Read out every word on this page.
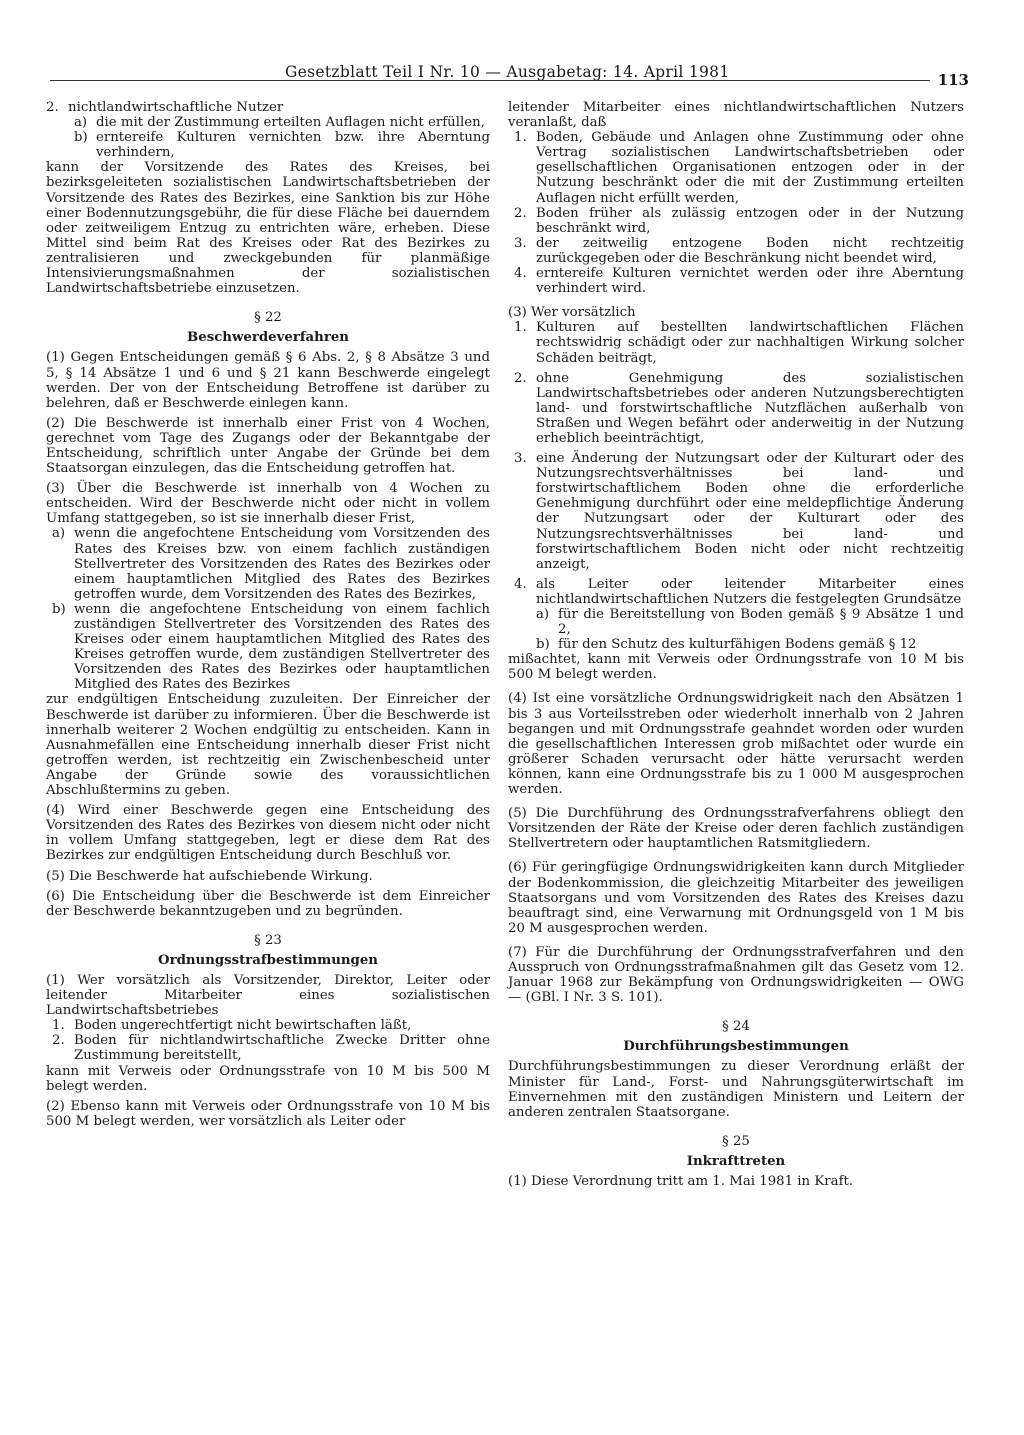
Gesetzblatt Teil I Nr. 10 — Ausgabetag: 14. April 1981	113
2. nichtlandwirtschaftliche Nutzer
a) die mit der Zustimmung erteilten Auflagen nicht erfüllen,
b) erntereife Kulturen vernichten bzw. ihre Aberntung verhindern,

kann der Vorsitzende des Rates des Kreises, bei bezirksgeleiteten sozialistischen Landwirtschaftsbetrieben der Vorsitzende des Rates des Bezirkes, eine Sanktion bis zur Höhe einer Bodennutzungsgebühr, die für diese Fläche bei dauerndem oder zeitweiligem Entzug zu entrichten wäre, erheben. Diese Mittel sind beim Rat des Kreises oder Rat des Bezirkes zu zentralisieren und zweckgebunden für planmäßige Intensivierungsmaßnahmen der sozialistischen Landwirtschaftsbetriebe einzusetzen.

§ 22
Beschwerdeverfahren

(1) Gegen Entscheidungen gemäß § 6 Abs. 2, § 8 Absätze 3 und 5, § 14 Absätze 1 und 6 und § 21 kann Beschwerde eingelegt werden. Der von der Entscheidung Betroffene ist darüber zu belehren, daß er Beschwerde einlegen kann.

(2) Die Beschwerde ist innerhalb einer Frist von 4 Wochen, gerechnet vom Tage des Zugangs oder der Bekanntgabe der Entscheidung, schriftlich unter Angabe der Gründe bei dem Staatsorgan einzulegen, das die Entscheidung getroffen hat.

(3) Über die Beschwerde ist innerhalb von 4 Wochen zu entscheiden. Wird der Beschwerde nicht oder nicht in vollem Umfang stattgegeben, so ist sie innerhalb dieser Frist,

a) wenn die angefochtene Entscheidung vom Vorsitzenden des Rates des Kreises bzw. von einem fachlich zuständigen Stellvertreter des Vorsitzenden des Rates des Bezirkes oder einem hauptamtlichen Mitglied des Rates des Bezirkes getroffen wurde, dem Vorsitzenden des Rates des Bezirkes,
b) wenn die angefochtene Entscheidung von einem fachlich zuständigen Stellvertreter des Vorsitzenden des Rates des Kreises oder einem hauptamtlichen Mitglied des Rates des Kreises getroffen wurde, dem zuständigen Stellvertreter des Vorsitzenden des Rates des Bezirkes oder hauptamtlichen Mitglied des Rates des Bezirkes

zur endgültigen Entscheidung zuzuleiten. Der Einreicher der Beschwerde ist darüber zu informieren. Über die Beschwerde ist innerhalb weiterer 2 Wochen endgültig zu entscheiden. Kann in Ausnahmefällen eine Entscheidung innerhalb dieser Frist nicht getroffen werden, ist rechtzeitig ein Zwischenbescheid unter Angabe der Gründe sowie des voraussichtlichen Abschlußtermins zu geben.

(4) Wird einer Beschwerde gegen eine Entscheidung des Vorsitzenden des Rates des Bezirkes von diesem nicht oder nicht in vollem Umfang stattgegeben, legt er diese dem Rat des Bezirkes zur endgültigen Entscheidung durch Beschluß vor.

(5) Die Beschwerde hat aufschiebende Wirkung.

(6) Die Entscheidung über die Beschwerde ist dem Einreicher der Beschwerde bekanntzugeben und zu begründen.

§ 23
Ordnungsstrafbestimmungen

(1) Wer vorsätzlich als Vorsitzender, Direktor, Leiter oder leitender Mitarbeiter eines sozialistischen Landwirtschaftsbetriebes

1. Boden ungerechtfertigt nicht bewirtschaften läßt,
2. Boden für nichtlandwirtschaftliche Zwecke Dritter ohne Zustimmung bereitstellt,

kann mit Verweis oder Ordnungsstrafe von 10 M bis 500 M belegt werden.

(2) Ebenso kann mit Verweis oder Ordnungsstrafe von 10 M bis 500 M belegt werden, wer vorsätzlich als Leiter oder

leitender Mitarbeiter eines nichtlandwirtschaftlichen Nutzers veranlaßt, daß

1. Boden, Gebäude und Anlagen ohne Zustimmung oder ohne Vertrag sozialistischen Landwirtschaftsbetrieben oder gesellschaftlichen Organisationen entzogen oder in der Nutzung beschränkt oder die mit der Zustimmung erteilten Auflagen nicht erfüllt werden,
2. Boden früher als zulässig entzogen oder in der Nutzung beschränkt wird,
3. der zeitweilig entzogene Boden nicht rechtzeitig zurückgegeben oder die Beschränkung nicht beendet wird,
4. erntereife Kulturen vernichtet werden oder ihre Aberntung verhindert wird.

(3) Wer vorsätzlich

1. Kulturen auf bestellten landwirtschaftlichen Flächen rechtswidrig schädigt oder zur nachhaltigen Wirkung solcher Schäden beiträgt,
2. ohne Genehmigung des sozialistischen Landwirtschaftsbetriebes oder anderen Nutzungsberechtigten land- und forstwirtschaftliche Nutzflächen außerhalb von Straßen und Wegen befährt oder anderweitig in der Nutzung erheblich beeinträchtigt,
3. eine Änderung der Nutzungsart oder der Kulturart oder des Nutzungsrechtsverhältnisses bei land- und forstwirtschaftlichem Boden ohne die erforderliche Genehmigung durchführt oder eine meldepflichtige Änderung der Nutzungsart oder der Kulturart oder des Nutzungsrechtsverhältnisses bei land- und forstwirtschaftlichem Boden nicht oder nicht rechtzeitig anzeigt,
4. als Leiter oder leitender Mitarbeiter eines nichtlandwirtschaftlichen Nutzers die festgelegten Grundsätze
a) für die Bereitstellung von Boden gemäß § 9 Absätze 1 und 2,
b) für den Schutz des kulturfähigen Bodens gemäß § 12

mißachtet, kann mit Verweis oder Ordnungsstrafe von 10 M bis 500 M belegt werden.

(4) Ist eine vorsätzliche Ordnungswidrigkeit nach den Absätzen 1 bis 3 aus Vorteilsstreben oder wiederholt innerhalb von 2 Jahren begangen und mit Ordnungsstrafe geahndet worden oder wurden die gesellschaftlichen Interessen grob mißachtet oder wurde ein größerer Schaden verursacht oder hätte verursacht werden können, kann eine Ordnungsstrafe bis zu 1 000 M ausgesprochen werden.

(5) Die Durchführung des Ordnungsstrafverfahrens obliegt den Vorsitzenden der Räte der Kreise oder deren fachlich zuständigen Stellvertretern oder hauptamtlichen Ratsmitgliedern.

(6) Für geringfügige Ordnungswidrigkeiten kann durch Mitglieder der Bodenkommission, die gleichzeitig Mitarbeiter des jeweiligen Staatsorgans und vom Vorsitzenden des Rates des Kreises dazu beauftragt sind, eine Verwarnung mit Ordnungsgeld von 1 M bis 20 M ausgesprochen werden.

(7) Für die Durchführung der Ordnungsstrafverfahren und den Ausspruch von Ordnungsstrafmaßnahmen gilt das Gesetz vom 12. Januar 1968 zur Bekämpfung von Ordnungswidrigkeiten — OWG — (GBl. I Nr. 3 S. 101).

§ 24
Durchführungsbestimmungen

Durchführungsbestimmungen zu dieser Verordnung erläßt der Minister für Land-, Forst- und Nahrungsgüterwirtschaft im Einvernehmen mit den zuständigen Ministern und Leitern der anderen zentralen Staatsorgane.

§ 25
Inkrafttreten

(1) Diese Verordnung tritt am 1. Mai 1981 in Kraft.
